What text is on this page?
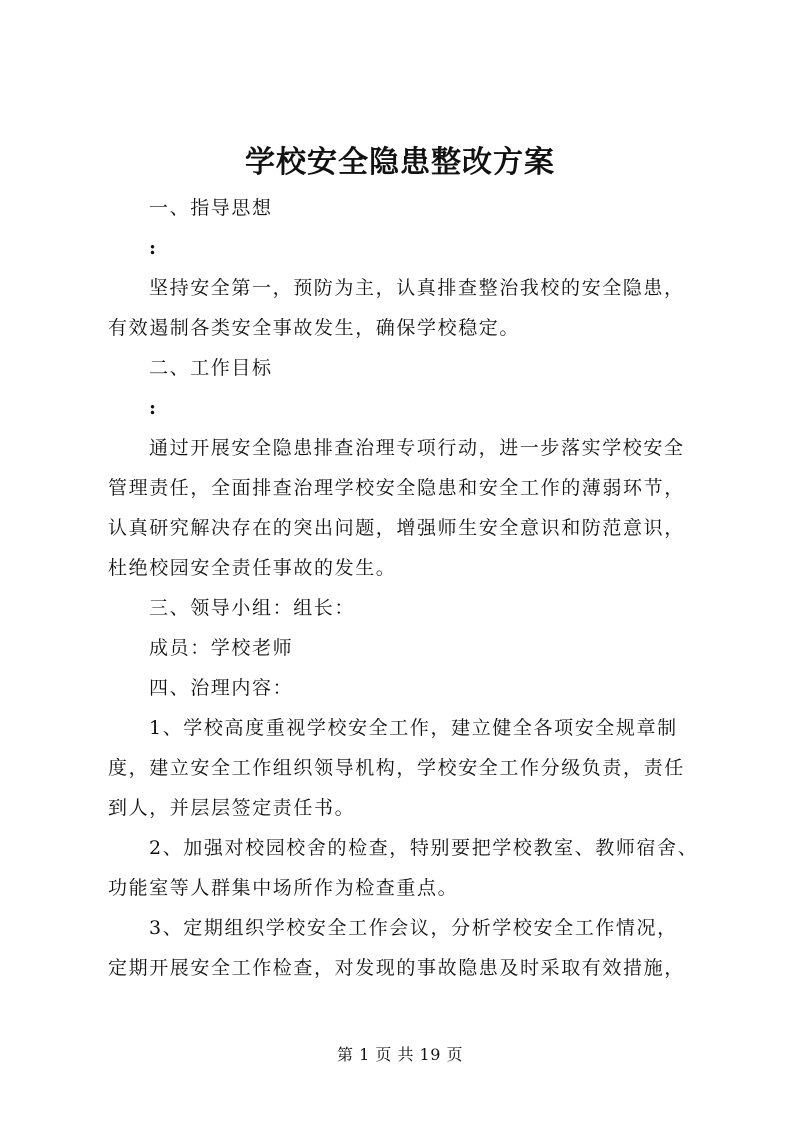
学校安全隐患整改方案
一、指导思想
:
坚持安全第一，预防为主，认真排查整治我校的安全隐患，
有效遏制各类安全事故发生，确保学校稳定。
二、工作目标
:
通过开展安全隐患排查治理专项行动，进一步落实学校安全
管理责任，全面排查治理学校安全隐患和安全工作的薄弱环节，
认真研究解决存在的突出问题，增强师生安全意识和防范意识，
杜绝校园安全责任事故的发生。
三、领导小组：组长：
成员：学校老师
四、治理内容：
1、学校高度重视学校安全工作，建立健全各项安全规章制
度，建立安全工作组织领导机构，学校安全工作分级负责，责任
到人，并层层签定责任书。
2、加强对校园校舍的检查，特别要把学校教室、教师宿舍、
功能室等人群集中场所作为检查重点。
3、定期组织学校安全工作会议，分析学校安全工作情况，
定期开展安全工作检查，对发现的事故隐患及时采取有效措施，
第 1 页 共 19 页
